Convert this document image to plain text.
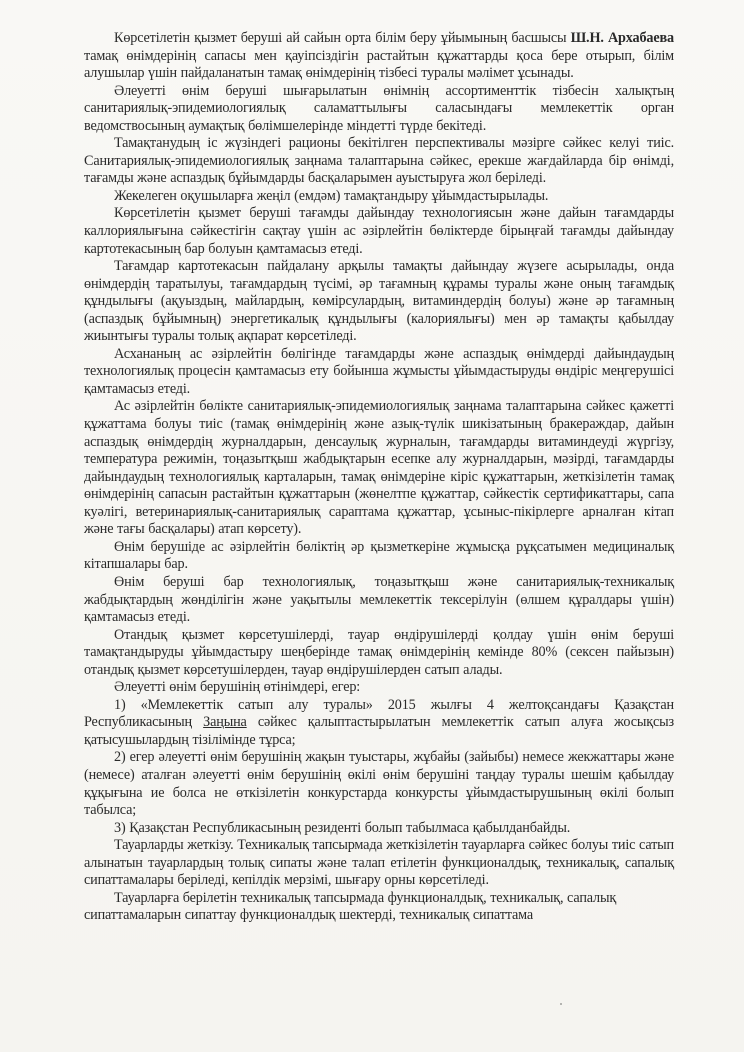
Көрсетілетін қызмет беруші ай сайын орта білім беру ұйымының басшысы Ш.Н. Архабаева тамақ өнімдерінің сапасы мен қауіпсіздігін растайтын құжаттарды қоса бере отырып, білім алушылар үшін пайдаланатын тамақ өнімдерінің тізбесі туралы мәлімет ұсынады.

Әлеуетті өнім беруші шығарылатын өнімнің ассортименттік тізбесін халықтың санитариялық-эпидемиологиялық саламаттылығы саласындағы мемлекеттік орган ведомствосының аумақтық бөлімшелерінде міндетті түрде бекітеді.

Тамақтанудың іс жүзіндегі рационы бекітілген перспективалы мәзірге сәйкес келуі тиіс. Санитариялық-эпидемиологиялық заңнама талаптарына сәйкес, ерекше жағдайларда бір өнімді, тағамды және аспаздық бұйымдарды басқаларымен ауыстыруға жол беріледі.

Жекелеген оқушыларға жеңіл (емдәм) тамақтандыру ұйымдастырылады.

Көрсетілетін қызмет беруші тағамды дайындау технологиясын және дайын тағамдарды каллориялығына сәйкестігін сақтау үшін ас әзірлейтін бөліктерде бірыңғай тағамды дайындау картотекасының бар болуын қамтамасыз етеді.

Тағамдар картотекасын пайдалану арқылы тамақты дайындау жүзеге асырылады, онда өнімдердің таратылуы, тағамдардың түсімі, әр тағамның құрамы туралы және оның тағамдық құндылығы (ақуыздың, майлардың, көмірсулардың, витаминдердің болуы) және әр тағамның (аспаздық бұйымның) энергетикалық құндылығы (калориялығы) мен әр тамақты қабылдау жиынтығы туралы толық ақпарат көрсетіледі.

Асхананың ас әзірлейтін бөлігінде тағамдарды және аспаздық өнімдерді дайындаудың технологиялық процесін қамтамасыз ету бойынша жұмысты ұйымдастыруды өндіріс меңгерушісі қамтамасыз етеді.

Ас әзірлейтін бөлікте санитариялық-эпидемиологиялық заңнама талаптарына сәйкес қажетті құжаттама болуы тиіс (тамақ өнімдерінің және азық-түлік шикізатының бракераждар, дайын аспаздық өнімдердің журналдарын, денсаулық журналын, тағамдарды витаминдеуді жүргізу, температура режимін, тоңазытқыш жабдықтарын есепке алу журналдарын, мәзірді, тағамдарды дайындаудың технологиялық карталарын, тамақ өнімдеріне кіріс құжаттарын, жеткізілетін тамақ өнімдерінің сапасын растайтын құжаттарын (жөнелтпе құжаттар, сәйкестік сертификаттары, сапа куәлігі, ветеринариялық-санитариялық сараптама құжаттар, ұсыныс-пікірлерге арналған кітап және тағы басқалары) атап көрсету).

Өнім берушіде ас әзірлейтін бөліктің әр қызметкеріне жұмысқа рұқсатымен медициналық кітапшалары бар.

Өнім беруші бар технологиялық, тоңазытқыш және санитариялық-техникалық жабдықтардың жөнділігін және уақытылы мемлекеттік тексерілуін (өлшем құралдары үшін) қамтамасыз етеді.

Отандық қызмет көрсетушілерді, тауар өндірушілерді қолдау үшін өнім беруші тамақтандыруды ұйымдастыру шеңберінде тамақ өнімдерінің кемінде 80% (сексен пайызын) отандық қызмет көрсетушілерден, тауар өндірушілерден сатып алады.

Әлеуетті өнім берушінің өтінімдері, егер:

1) «Мемлекеттік сатып алу туралы» 2015 жылғы 4 желтоқсандағы Қазақстан Республикасының Заңына сәйкес қалыптастырылатын мемлекеттік сатып алуға жосықсыз қатысушылардың тізілімінде тұрса;

2) егер әлеуетті өнім берушінің жақын туыстары, жұбайы (зайыбы) немесе жекжаттары және (немесе) аталған әлеуетті өнім берушінің өкілі өнім берушіні таңдау туралы шешім қабылдау құқығына ие болса не өткізілетін конкурстарда конкурсты ұйымдастырушының өкілі болып табылса;

3) Қазақстан Республикасының резиденті болып табылмаса қабылданбайды.

Тауарларды жеткізу. Техникалық тапсырмада жеткізілетін тауарларға сәйкес болуы тиіс сатып алынатын тауарлардың толық сипаты және талап етілетін функционалдық, техникалық, сапалық сипаттамалары беріледі, кепілдік мерзімі, шығару орны көрсетіледі.

Тауарларға берілетін техникалық тапсырмада функционалдық, техникалық, сапалық сипаттамаларын сипаттау функционалдық шектерді, техникалық сипаттама
